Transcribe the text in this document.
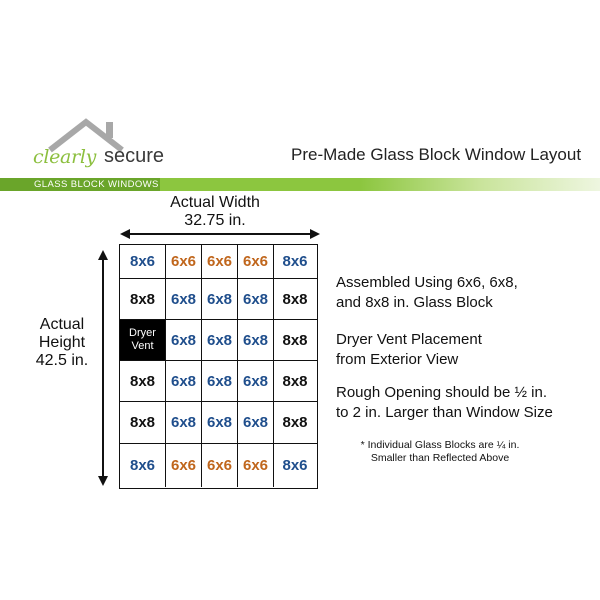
clearly secure	Pre-Made Glass Block Window Layout
GLASS BLOCK WINDOWS
Actual Width
32.75 in.
Actual
Height
42.5 in.
8x6	6x6 6x6 6x6 8x6
8x8	6x8 6x8 6x8 8x8
Dryer
Vent	6x8 6x8 6x8 8x8
8x8	6x8 6x8 6x8 8x8
8x8	6x8 6x8 6x8 8x8
8x6	6x6 6x6 6x6 8x6
Assembled Using 6x6, 6x8,
and 8x8 in. Glass Block
Dryer Vent Placement
from Exterior View
Rough Opening should be ½ in.
to 2 in. Larger than Window Size
* Individual Glass Blocks are ¼ in.
Smaller than Reflected Above
